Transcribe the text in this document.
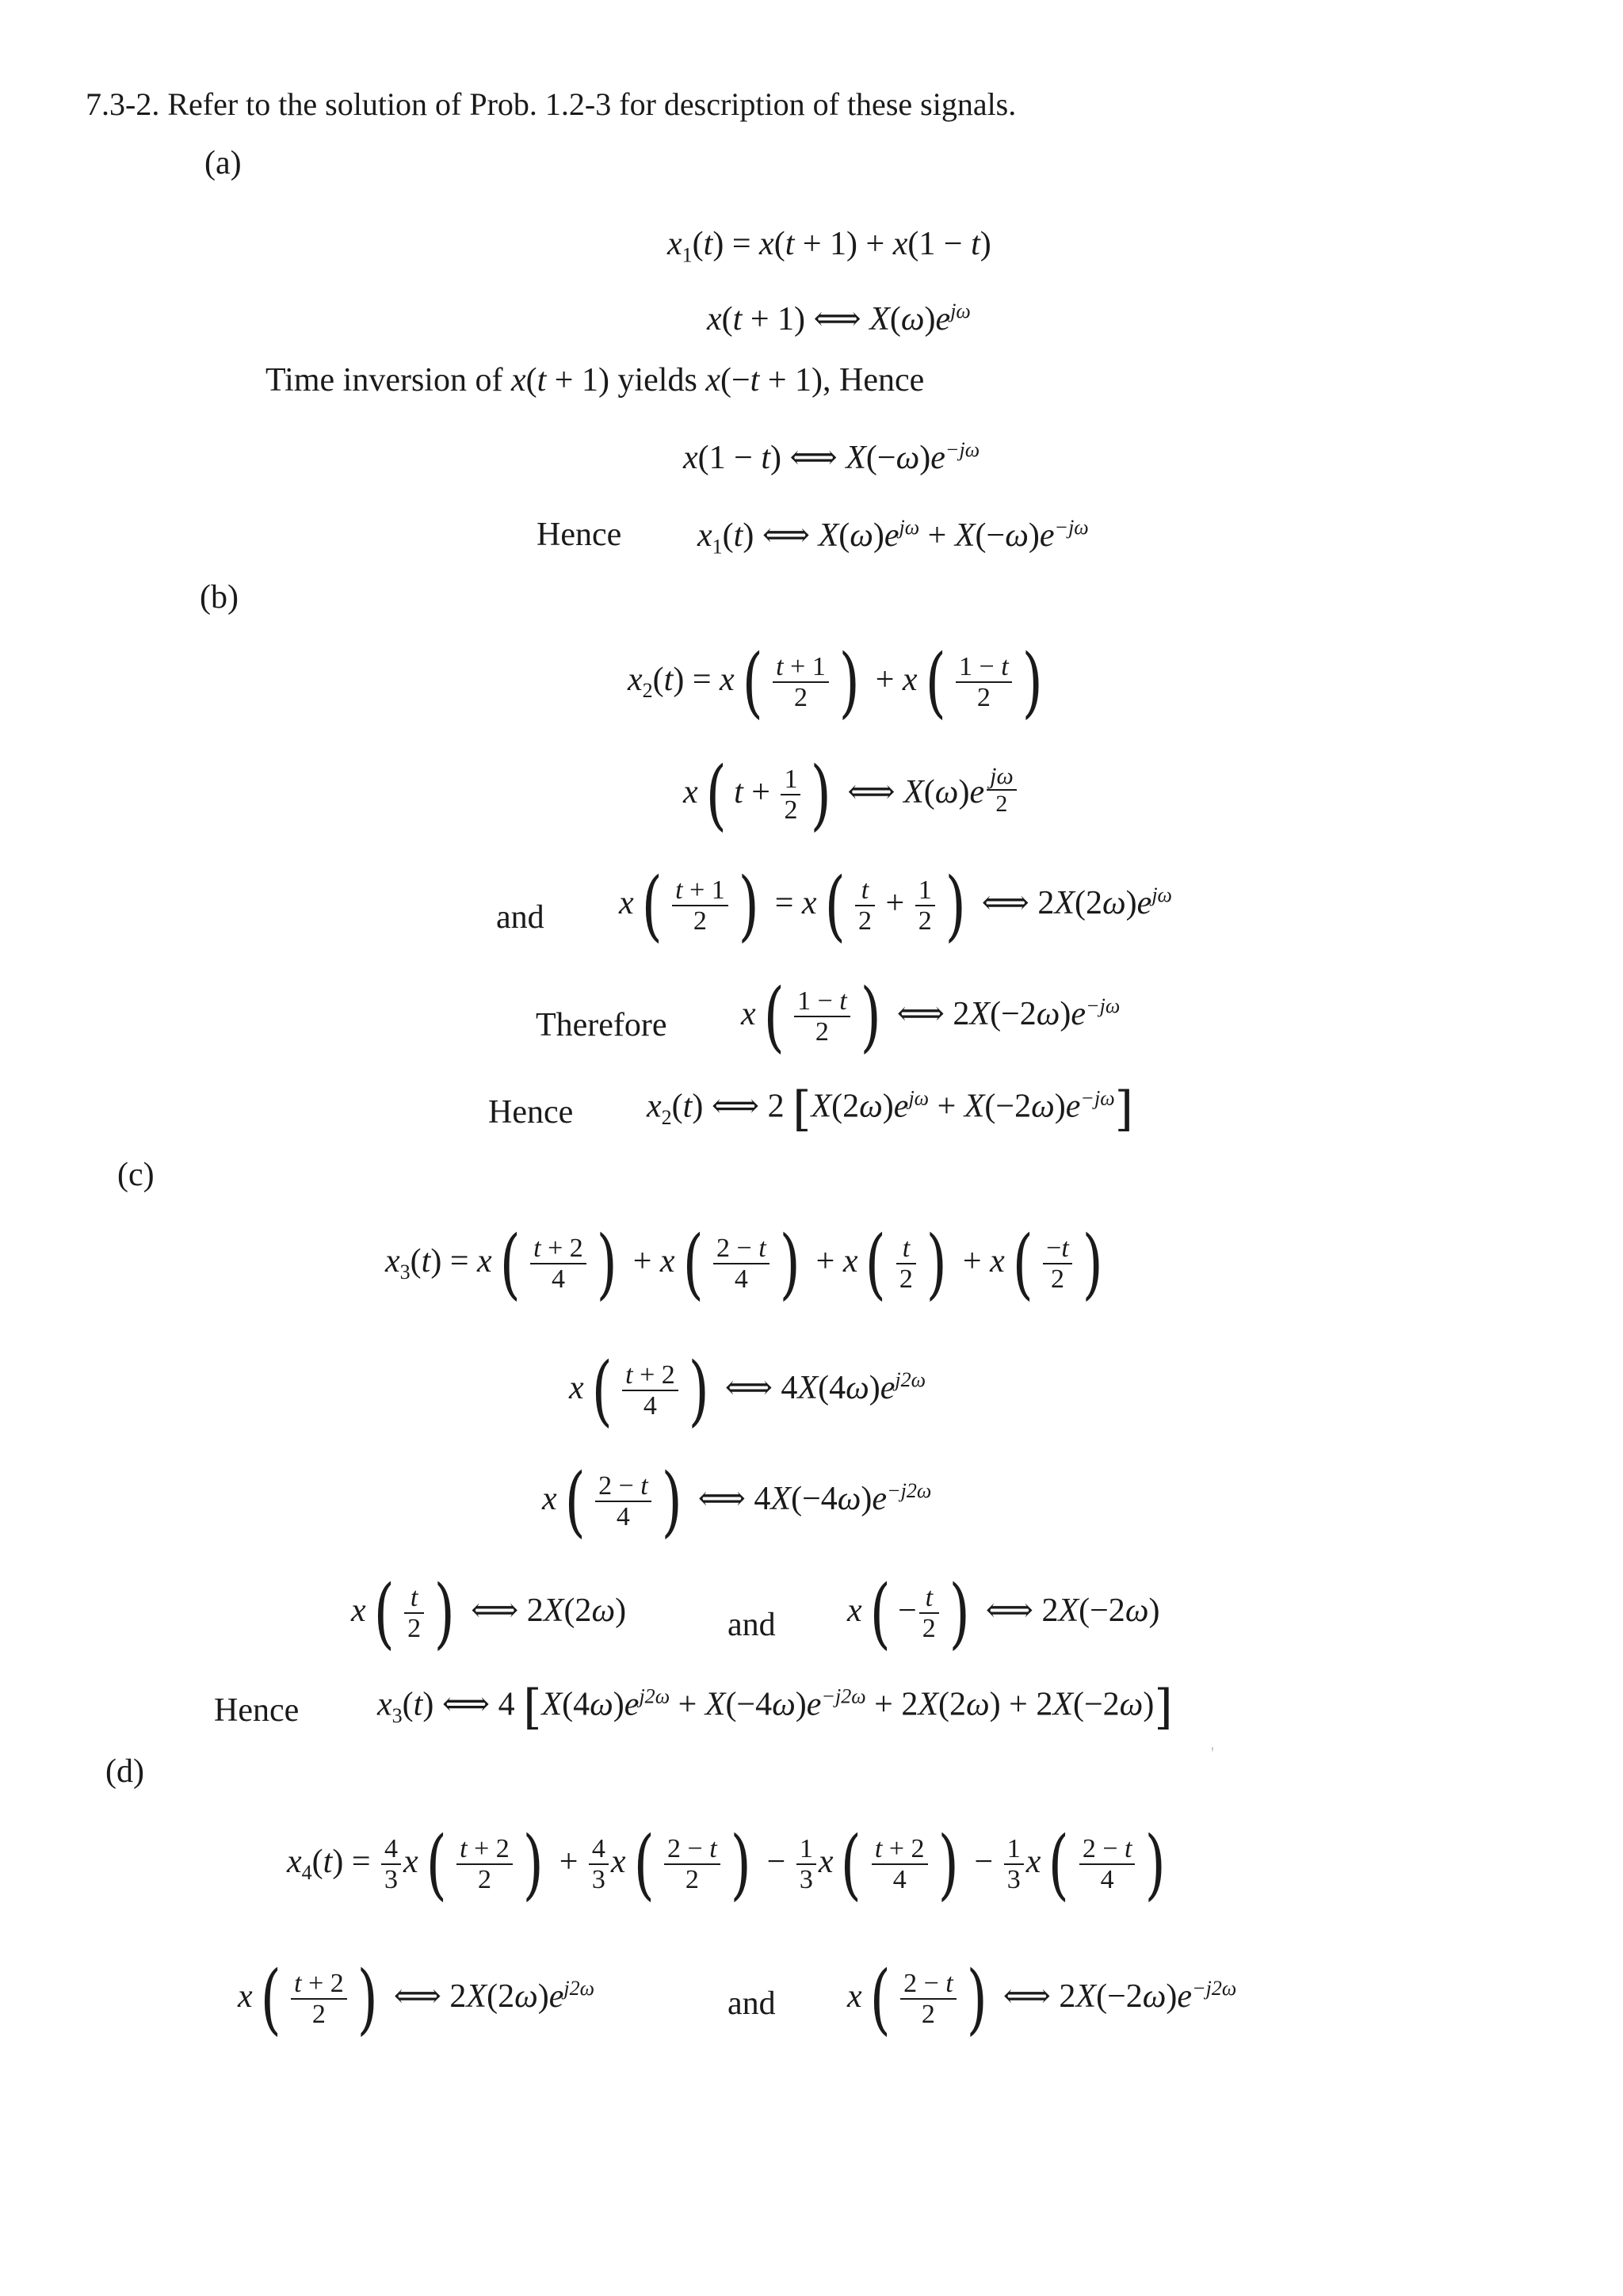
7.3-2. Refer to the solution of Prob. 1.2-3 for description of these signals.
(a)
$x_1(t) = x(t + 1) + x(1 - t)$
x(t + 1) ⟺ $X(\omega)e^{j\omega}$
Time inversion of x(t + 1) yields x(−t + 1), Hence
x(1 − t) ⟺ $X(-\omega)e^{-j\omega}$
Hence $x_1(t)$ ⟺ $X(\omega)e^{j\omega} + X(-\omega)e^{-j\omega}$
(b)
$x_2(t) = x$ ( $\frac{t + 1}{2}$ ) + x ( $\frac{1 - t}{2}$ )
x ( $t + \frac{1}{2}$ ) ⟺ X(ω)e $^{\frac{j\omega}{2}}$
and x ( $\frac{t + 1}{2}$ ) = x ( $\frac{t}{2} + \frac{1}{2}$ ) ⟺ $2X(2\omega)e^{j\omega}$
Therefore x ( $\frac{1 - t}{2}$ ) ⟺ $2X(-2\omega)e^{-j\omega}$
Hence $x_2(t)$ ⟺ 2 $[X(2\omega)e^{j\omega} + X(-2\omega)e^{-j\omega}]$
(c)
$x_3(t) = x$ ( $\frac{t + 2}{4}$ ) + x ( $\frac{2 - t}{4}$ ) + x ( $\frac{t}{2}$ ) + x ( $\frac{-t}{2}$ )
x ( $\frac{t + 2}{4}$ ) ⟺ $4X(4\omega)e^{j2\omega}$
x ( $\frac{2 - t}{4}$ ) ⟺ $4X(-4\omega)e^{-j2\omega}$
x ( $\frac{t}{2}$ ) ⟺ 2X(2ω)	and x ( − $\frac{t}{2}$ ) ⟺ 2X(−2ω)
Hence $x_3(t)$ ⟺ 4 $[X(4\omega)e^{j2\omega} + X(-4\omega)e^{-j2\omega} + 2X(2\omega) + 2X(-2\omega)]$
(d)
'
$x_4(t) = \frac{4}{3}$ x ( $\frac{t + 2}{2}$ ) + $\frac{4}{3}$ x ( $\frac{2 - t}{2}$ ) − $\frac{1}{3}$ x ( $\frac{t + 2}{4}$ ) − $\frac{1}{3}$ x ( $\frac{2 - t}{4}$ )
x ( $\frac{t + 2}{2}$ ) ⟺ $2X(2\omega)e^{j2\omega}$	and x ( $\frac{2 - t}{2}$ ) ⟺ $2X(-2\omega)e^{-j2\omega}$
